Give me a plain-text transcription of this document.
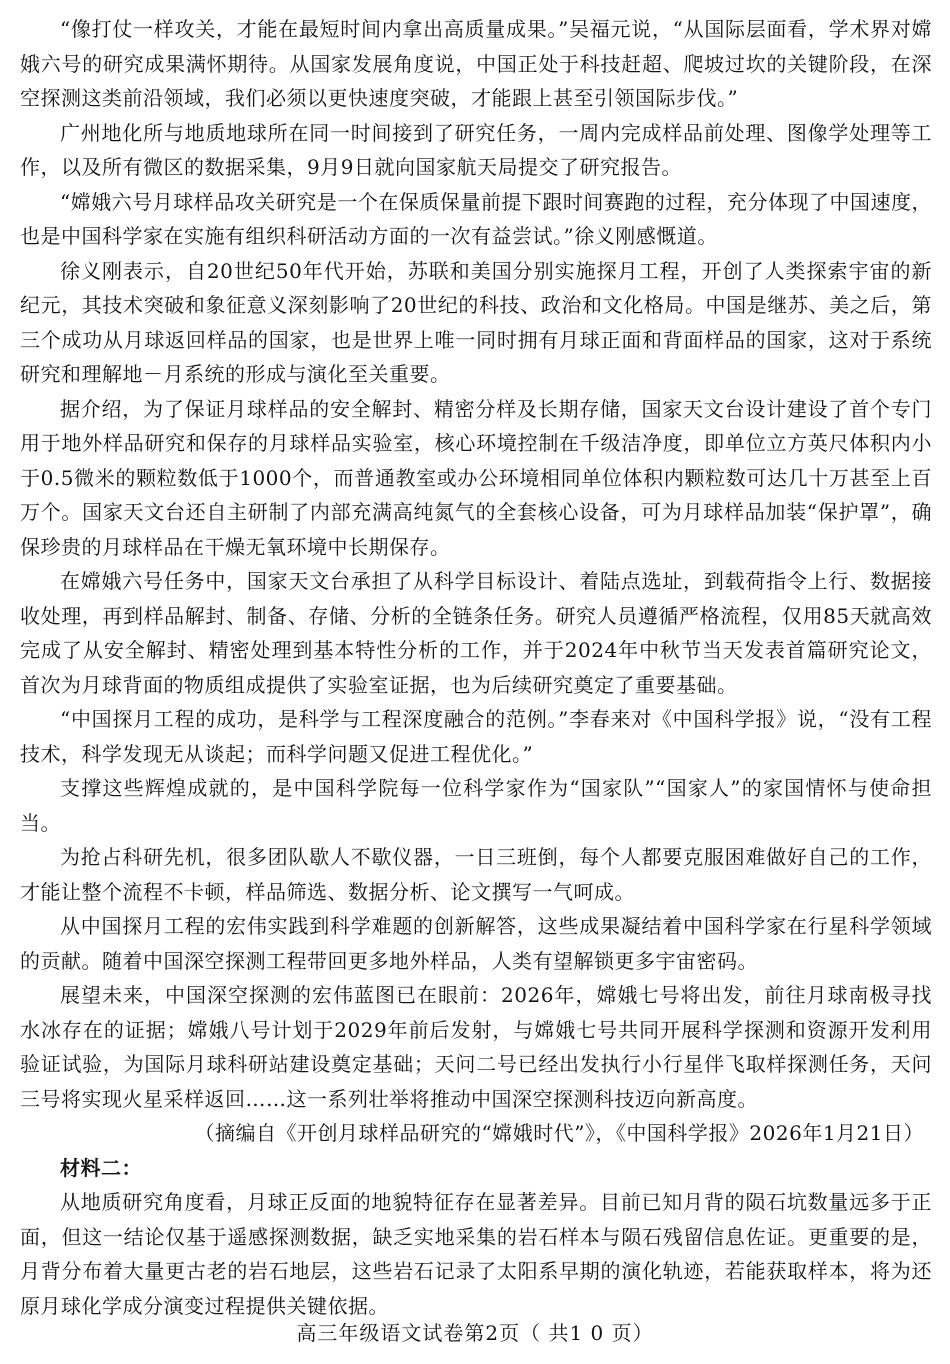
“像打仗一样攻关，才能在最短时间内拿出高质量成果。”吴福元说，“从国际层面看，学术界对嫦娥六号的研究成果满怀期待。从国家发展角度说，中国正处于科技赶超、爬坡过坎的关键阶段，在深空探测这类前沿领域，我们必须以更快速度突破，才能跟上甚至引领国际步伐。”

广州地化所与地质地球所在同一时间接到了研究任务，一周内完成样品前处理、图像学处理等工作，以及所有微区的数据采集，9月9日就向国家航天局提交了研究报告。

“嫦娥六号月球样品攻关研究是一个在保质保量前提下跟时间赛跑的过程，充分体现了中国速度，也是中国科学家在实施有组织科研活动方面的一次有益尝试。”徐义刚感慨道。

徐义刚表示，自20世纪50年代开始，苏联和美国分别实施探月工程，开创了人类探索宇宙的新纪元，其技术突破和象征意义深刻影响了20世纪的科技、政治和文化格局。中国是继苏、美之后，第三个成功从月球返回样品的国家，也是世界上唯一同时拥有月球正面和背面样品的国家，这对于系统研究和理解地－月系统的形成与演化至关重要。

据介绍，为了保证月球样品的安全解封、精密分样及长期存储，国家天文台设计建设了首个专门用于地外样品研究和保存的月球样品实验室，核心环境控制在千级洁净度，即单位立方英尺体积内小于0.5微米的颗粒数低于1000个，而普通教室或办公环境相同单位体积内颗粒数可达几十万甚至上百万个。国家天文台还自主研制了内部充满高纯氮气的全套核心设备，可为月球样品加装“保护罩”，确保珍贵的月球样品在干燥无氧环境中长期保存。

在嫦娥六号任务中，国家天文台承担了从科学目标设计、着陆点选址，到载荷指令上行、数据接收处理，再到样品解封、制备、存储、分析的全链条任务。研究人员遵循严格流程，仅用85天就高效完成了从安全解封、精密处理到基本特性分析的工作，并于2024年中秋节当天发表首篇研究论文，首次为月球背面的物质组成提供了实验室证据，也为后续研究奠定了重要基础。

“中国探月工程的成功，是科学与工程深度融合的范例。”李春来对《中国科学报》说，“没有工程技术，科学发现无从谈起；而科学问题又促进工程优化。”

支撑这些辉煌成就的，是中国科学院每一位科学家作为“国家队”“国家人”的家国情怀与使命担当。

为抢占科研先机，很多团队歇人不歇仪器，一日三班倒，每个人都要克服困难做好自己的工作，才能让整个流程不卡顿，样品筛选、数据分析、论文撰写一气呵成。

从中国探月工程的宏伟实践到科学难题的创新解答，这些成果凝结着中国科学家在行星科学领域的贡献。随着中国深空探测工程带回更多地外样品，人类有望解锁更多宇宙密码。

展望未来，中国深空探测的宏伟蓝图已在眼前：2026年，嫦娥七号将出发，前往月球南极寻找水冰存在的证据；嫦娥八号计划于2029年前后发射，与嫦娥七号共同开展科学探测和资源开发利用验证试验，为国际月球科研站建设奠定基础；天问二号已经出发执行小行星伴飞取样探测任务，天问三号将实现火星采样返回……这一系列壮举将推动中国深空探测科技迈向新高度。

（摘编自《开创月球样品研究的“嫦娥时代”》，《中国科学报》2026年1月21日）

材料二：

从地质研究角度看，月球正反面的地貌特征存在显著差异。目前已知月背的陨石坑数量远多于正面，但这一结论仅基于遥感探测数据，缺乏实地采集的岩石样本与陨石残留信息佐证。更重要的是，月背分布着大量更古老的岩石地层，这些岩石记录了太阳系早期的演化轨迹，若能获取样本，将为还原月球化学成分演变过程提供关键依据。

高三年级语文试卷第2页（ 共1 0 页）
